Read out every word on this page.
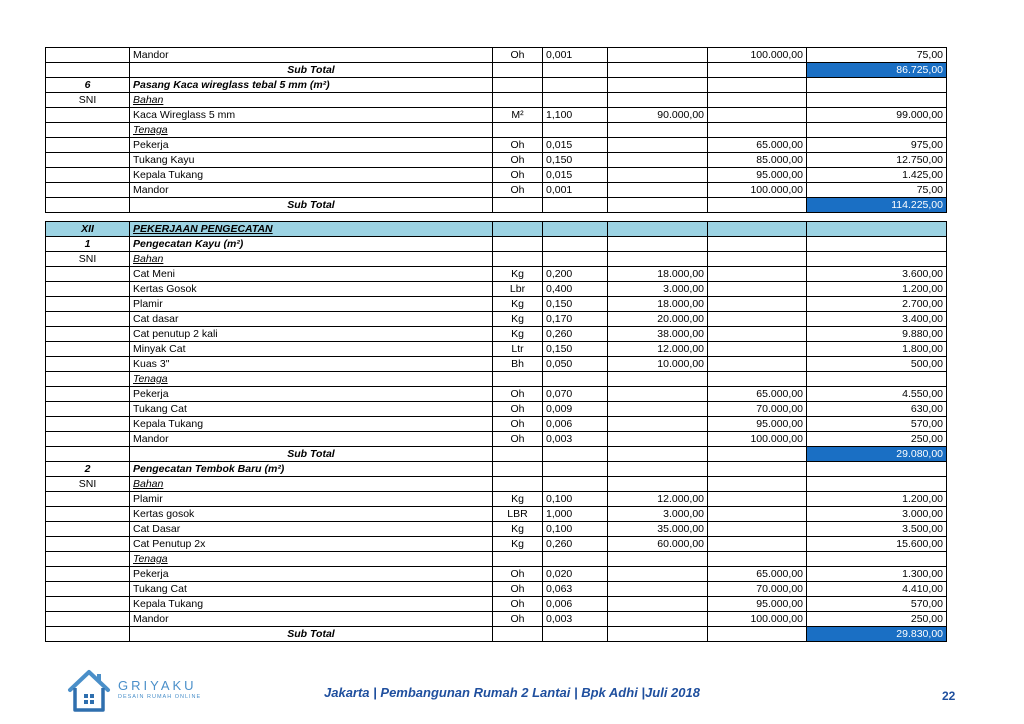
	Mandor	Oh	0,001		100.000,00	75,00
	Sub Total					86.725,00
6	Pasang Kaca wireglass tebal 5 mm (m²)					
SNI	Bahan					
	Kaca Wireglass 5 mm	M²	1,100	90.000,00		99.000,00
	Tenaga					
	Pekerja	Oh	0,015		65.000,00	975,00
	Tukang Kayu	Oh	0,150		85.000,00	12.750,00
	Kepala Tukang	Oh	0,015		95.000,00	1.425,00
	Mandor	Oh	0,001		100.000,00	75,00
	Sub Total					114.225,00

XII	PEKERJAAN PENGECATAN					
1	Pengecatan Kayu (m²)					
SNI	Bahan					
	Cat Meni	Kg	0,200	18.000,00		3.600,00
	Kertas Gosok	Lbr	0,400	3.000,00		1.200,00
	Plamir	Kg	0,150	18.000,00		2.700,00
	Cat dasar	Kg	0,170	20.000,00		3.400,00
	Cat penutup 2 kali	Kg	0,260	38.000,00		9.880,00
	Minyak Cat	Ltr	0,150	12.000,00		1.800,00
	Kuas 3"	Bh	0,050	10.000,00		500,00
	Tenaga					
	Pekerja	Oh	0,070		65.000,00	4.550,00
	Tukang Cat	Oh	0,009		70.000,00	630,00
	Kepala Tukang	Oh	0,006		95.000,00	570,00
	Mandor	Oh	0,003		100.000,00	250,00
	Sub Total					29.080,00
2	Pengecatan Tembok Baru (m²)					
SNI	Bahan					
	Plamir	Kg	0,100	12.000,00		1.200,00
	Kertas gosok	LBR	1,000	3.000,00		3.000,00
	Cat Dasar	Kg	0,100	35.000,00		3.500,00
	Cat Penutup 2x	Kg	0,260	60.000,00		15.600,00
	Tenaga					
	Pekerja	Oh	0,020		65.000,00	1.300,00
	Tukang Cat	Oh	0,063		70.000,00	4.410,00
	Kepala Tukang	Oh	0,006		95.000,00	570,00
	Mandor	Oh	0,003		100.000,00	250,00
	Sub Total					29.830,00
GRIYAKU
DESAIN RUMAH ONLINE	Jakarta | Pembangunan Rumah 2 Lantai | Bpk Adhi |Juli 2018	22
